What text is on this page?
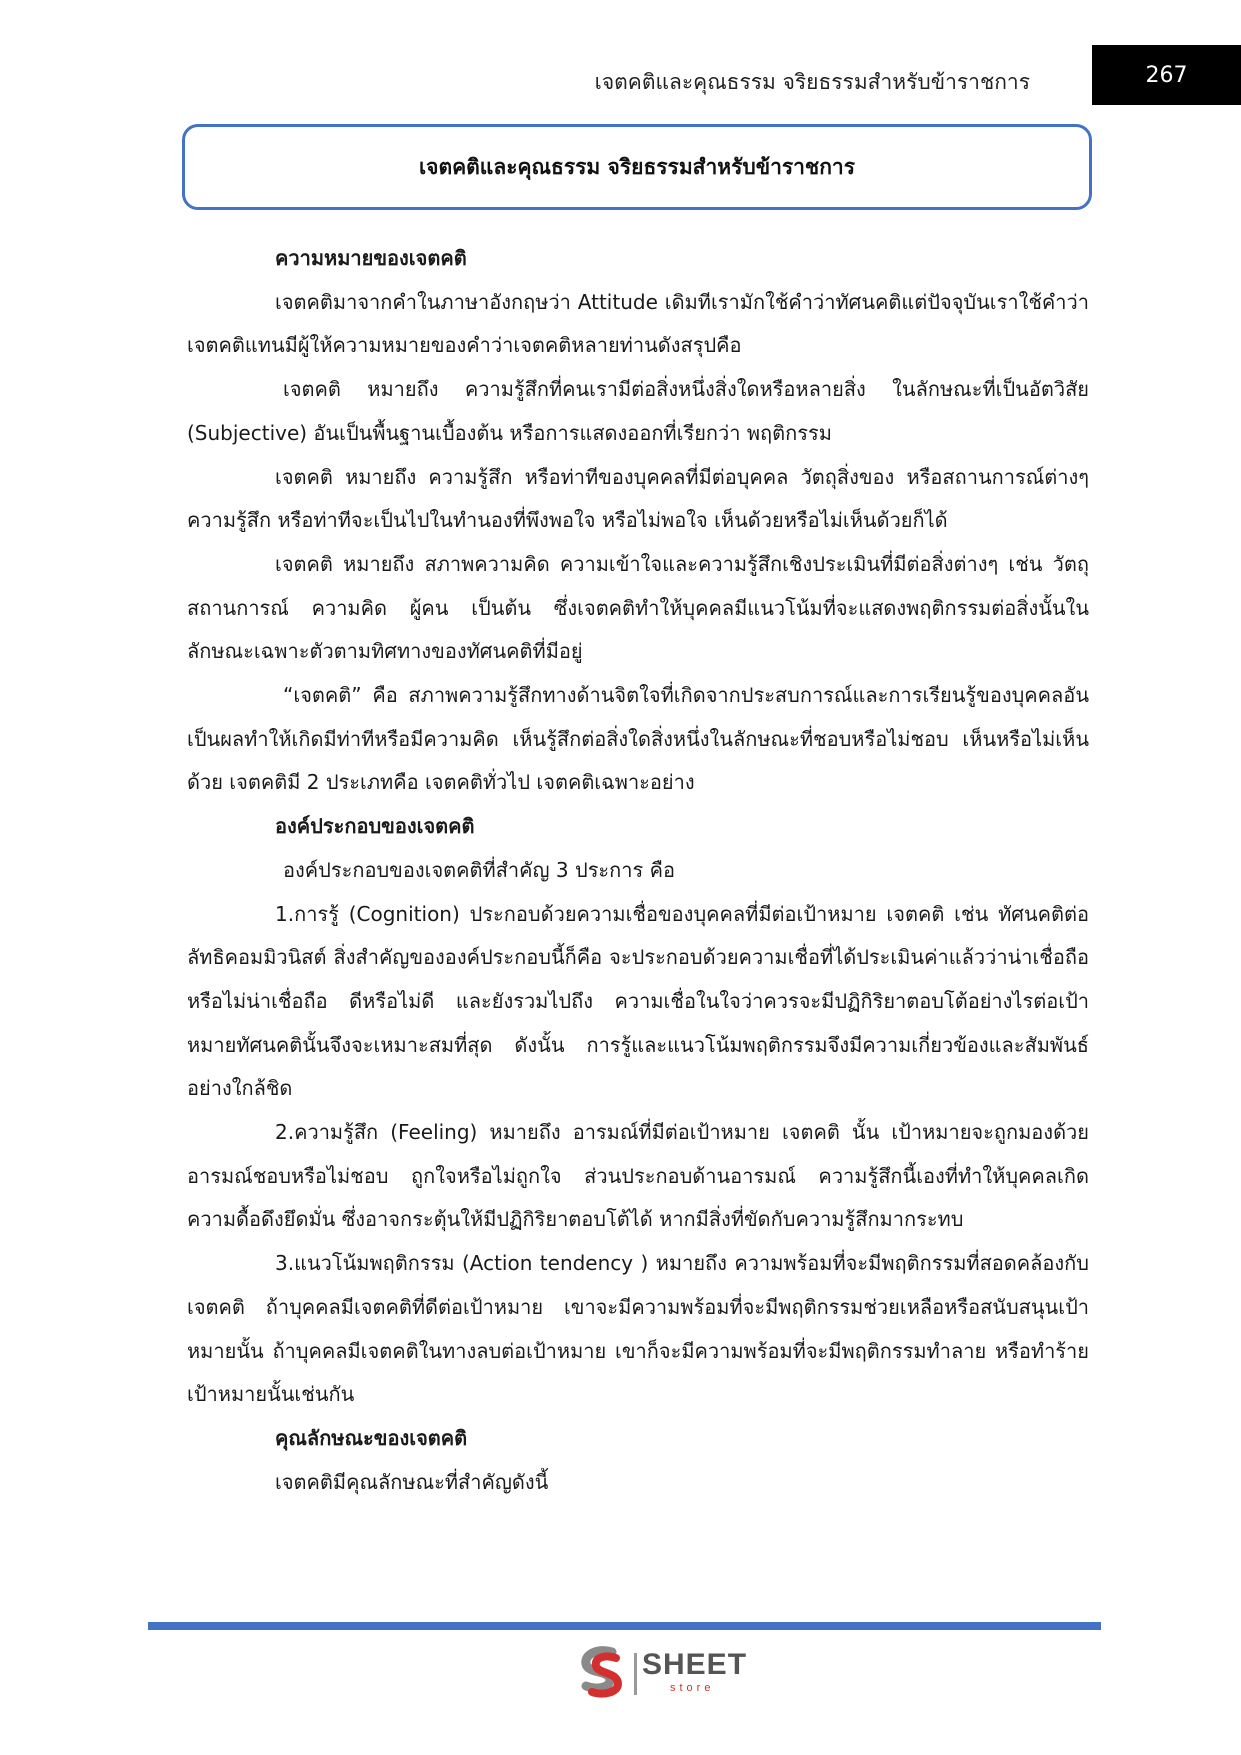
เจตคติและคุณธรรม จริยธรรมสำหรับข้าราชการ	267
เจตคติและคุณธรรม จริยธรรมสำหรับข้าราชการ

ความหมายของเจตคติ

เจตคติมาจากคำในภาษาอังกฤษว่า Attitude เดิมทีเรามักใช้คำว่าทัศนคติแต่ปัจจุบันเราใช้คำว่าเจตคติแทนมีผู้ให้ความหมายของคำว่าเจตคติหลายท่านดังสรุปคือ

เจตคติ หมายถึง ความรู้สึกที่คนเรามีต่อสิ่งหนึ่งสิ่งใดหรือหลายสิ่ง ในลักษณะที่เป็นอัตวิสัย (Subjective) อันเป็นพื้นฐานเบื้องต้น หรือการแสดงออกที่เรียกว่า พฤติกรรม

เจตคติ หมายถึง ความรู้สึก หรือท่าทีของบุคคลที่มีต่อบุคคล วัตถุสิ่งของ หรือสถานการณ์ต่างๆ ความรู้สึก หรือท่าทีจะเป็นไปในทำนองที่พึงพอใจ หรือไม่พอใจ เห็นด้วยหรือไม่เห็นด้วยก็ได้

เจตคติ หมายถึง สภาพความคิด ความเข้าใจและความรู้สึกเชิงประเมินที่มีต่อสิ่งต่างๆ เช่น วัตถุ สถานการณ์ ความคิด ผู้คน เป็นต้น ซึ่งเจตคติทำให้บุคคลมีแนวโน้มที่จะแสดงพฤติกรรมต่อสิ่งนั้นในลักษณะเฉพาะตัวตามทิศทางของทัศนคติที่มีอยู่

“เจตคติ” คือ สภาพความรู้สึกทางด้านจิตใจที่เกิดจากประสบการณ์และการเรียนรู้ของบุคคลอันเป็นผลทำให้เกิดมีท่าทีหรือมีความคิด เห็นรู้สึกต่อสิ่งใดสิ่งหนึ่งในลักษณะที่ชอบหรือไม่ชอบ เห็นหรือไม่เห็นด้วย เจตคติมี 2 ประเภทคือ เจตคติทั่วไป เจตคติเฉพาะอย่าง

องค์ประกอบของเจตคติ

องค์ประกอบของเจตคติที่สำคัญ 3 ประการ คือ

1.การรู้ (Cognition) ประกอบด้วยความเชื่อของบุคคลที่มีต่อเป้าหมาย เจตคติ เช่น ทัศนคติต่อลัทธิคอมมิวนิสต์ สิ่งสำคัญขององค์ประกอบนี้ก็คือ จะประกอบด้วยความเชื่อที่ได้ประเมินค่าแล้วว่าน่าเชื่อถือหรือไม่น่าเชื่อถือ ดีหรือไม่ดี และยังรวมไปถึง ความเชื่อในใจว่าควรจะมีปฏิกิริยาตอบโต้อย่างไรต่อเป้าหมายทัศนคตินั้นจึงจะเหมาะสมที่สุด ดังนั้น การรู้และแนวโน้มพฤติกรรมจึงมีความเกี่ยวข้องและสัมพันธ์อย่างใกล้ชิด

2.ความรู้สึก (Feeling) หมายถึง อารมณ์ที่มีต่อเป้าหมาย เจตคติ นั้น เป้าหมายจะถูกมองด้วยอารมณ์ชอบหรือไม่ชอบ ถูกใจหรือไม่ถูกใจ ส่วนประกอบด้านอารมณ์ ความรู้สึกนี้เองที่ทำให้บุคคลเกิดความดื้อดึงยึดมั่น ซึ่งอาจกระตุ้นให้มีปฏิกิริยาตอบโต้ได้ หากมีสิ่งที่ขัดกับความรู้สึกมากระทบ

3.แนวโน้มพฤติกรรม (Action tendency ) หมายถึง ความพร้อมที่จะมีพฤติกรรมที่สอดคล้องกับเจตคติ ถ้าบุคคลมีเจตคติที่ดีต่อเป้าหมาย เขาจะมีความพร้อมที่จะมีพฤติกรรมช่วยเหลือหรือสนับสนุนเป้าหมายนั้น ถ้าบุคคลมีเจตคติในทางลบต่อเป้าหมาย เขาก็จะมีความพร้อมที่จะมีพฤติกรรมทำลาย หรือทำร้าย เป้าหมายนั้นเช่นกัน

คุณลักษณะของเจตคติ

เจตคติมีคุณลักษณะที่สำคัญดังนี้

SHEET
store
